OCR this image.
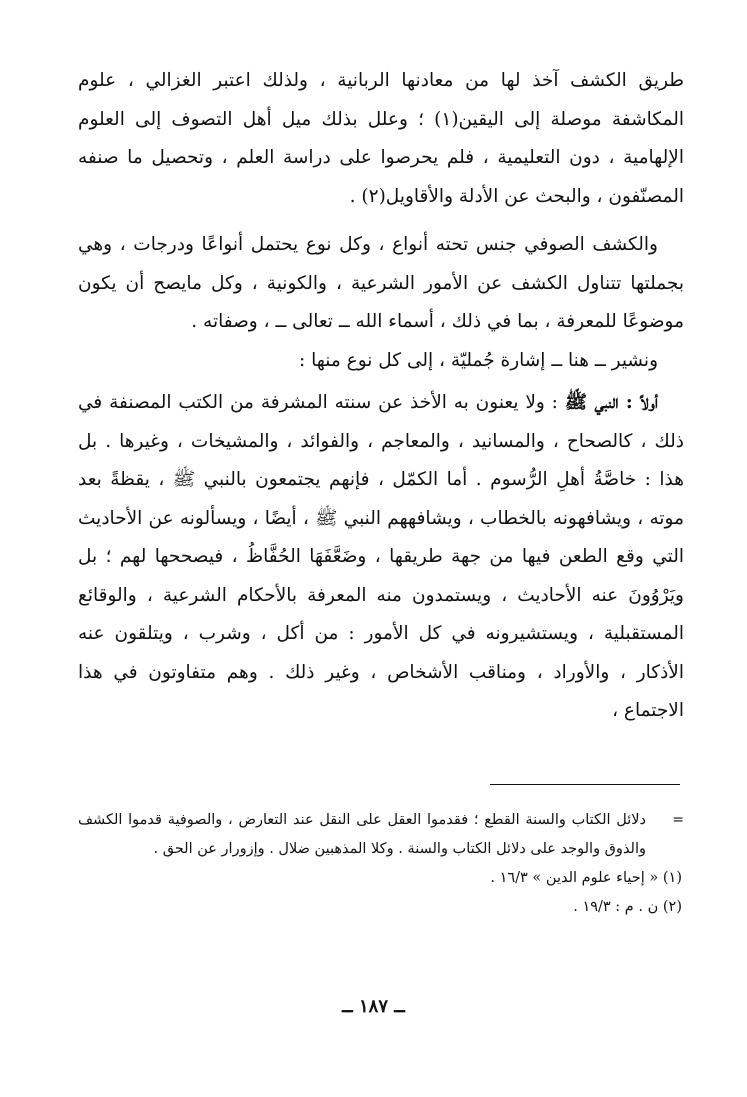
طريق الكشف آخذ لها من معادنها الربانية ، ولذلك اعتبر الغزالي ، علوم المكاشفة موصلة إلى اليقين(١) ؛ وعلل بذلك ميل أهل التصوف إلى العلوم الإلهامية ، دون التعليمية ، فلم يحرصوا على دراسة العلم ، وتحصيل ما صنفه المصنّفون ، والبحث عن الأدلة والأقاويل(٢) .

والكشف الصوفي جنس تحته أنواع ، وكل نوع يحتمل أنواعًا ودرجات ، وهي بجملتها تتناول الكشف عن الأمور الشرعية ، والكونية ، وكل مايصح أن يكون موضوعًا للمعرفة ، بما في ذلك ، أسماء الله ــ تعالى ــ ، وصفاته .

ونشير ــ هنا ــ إشارة جُمليّة ، إلى كل نوع منها :

أولاً : النبي ﷺ : ولا يعنون به الأخذ عن سنته المشرفة من الكتب المصنفة في ذلك ، كالصحاح ، والمسانيد ، والمعاجم ، والفوائد ، والمشيخات ، وغيرها . بل هذا : خاصَّةُ أهلِ الرُّسوم . أما الكمّل ، فإنهم يجتمعون بالنبي ﷺ ، يقظةً بعد موته ، ويشافهونه بالخطاب ، ويشافههم النبي ﷺ ، أيضًا ، ويسألونه عن الأحاديث التي وقع الطعن فيها من جهة طريقها ، وضَعَّفَهَا الحُفَّاظُ ، فيصححها لهم ؛ بل ويَرْوُونَ عنه الأحاديث ، ويستمدون منه المعرفة بالأحكام الشرعية ، والوقائع المستقبلية ، ويستشيرونه في كل الأمور : من أكل ، وشرب ، ويتلقون عنه الأذكار ، والأوراد ، ومناقب الأشخاص ، وغير ذلك . وهم متفاوتون في هذا الاجتماع ،

=
دلائل الكتاب والسنة القطع ؛ فقدموا العقل على النقل عند التعارض ، والصوفية قدموا الكشف والذوق والوجد على دلائل الكتاب والسنة . وكلا المذهبين ضلال . وإزورار عن الحق .
(١) « إحياء علوم الدين » ١٦/٣ .
(٢) ن . م : ١٩/٣ .
ــ ١٨٧ ــ
